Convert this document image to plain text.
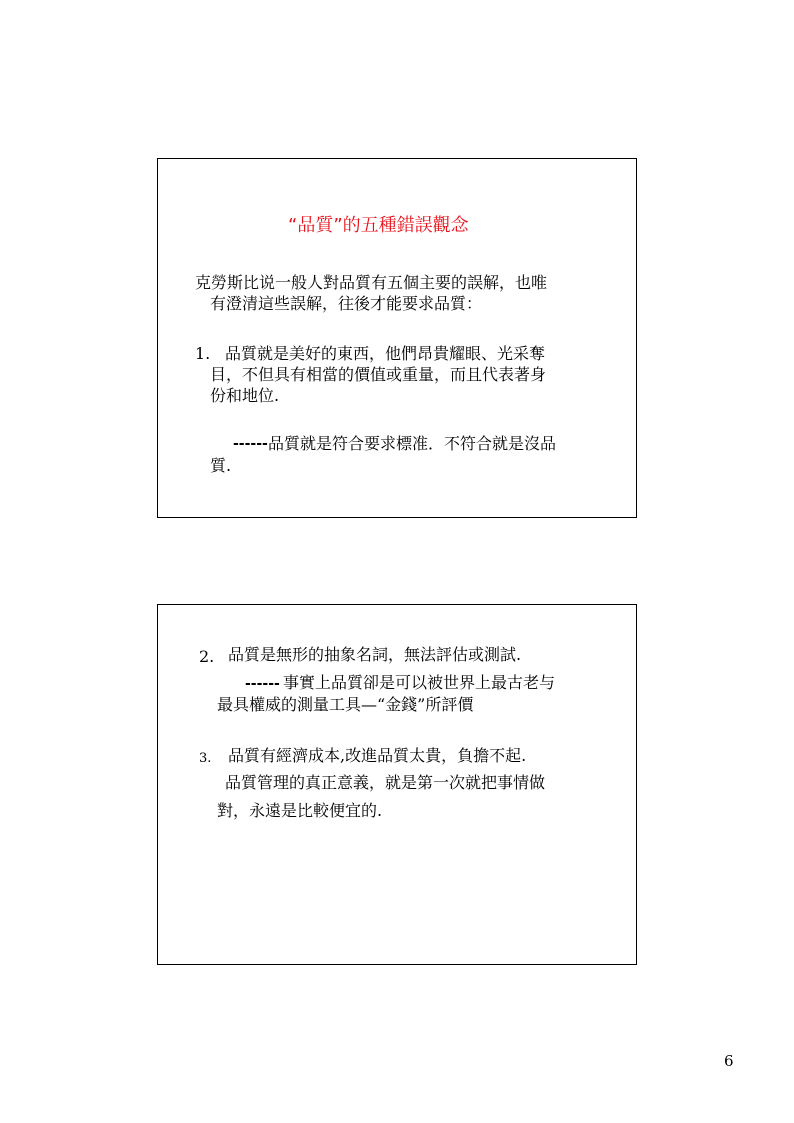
“品質”的五種錯誤觀念
克勞斯比说一般人對品質有五個主要的誤解，也唯
有澄清這些誤解，往後才能要求品質：
1. 品質就是美好的東西，他們昂貴耀眼、光采奪
目，不但具有相當的價值或重量，而且代表著身
份和地位.
------ 品質就是符合要求標准．不符合就是沒品
質.
2. 品質是無形的抽象名詞，無法評估或測試.
------ 事實上品質卻是可以被世界上最古老与
最具權威的測量工具—“金錢”所評價
3. 品質有經濟成本,改進品質太貴，負擔不起.
品質管理的真正意義，就是第一次就把事情做
對，永遠是比較便宜的.
6
